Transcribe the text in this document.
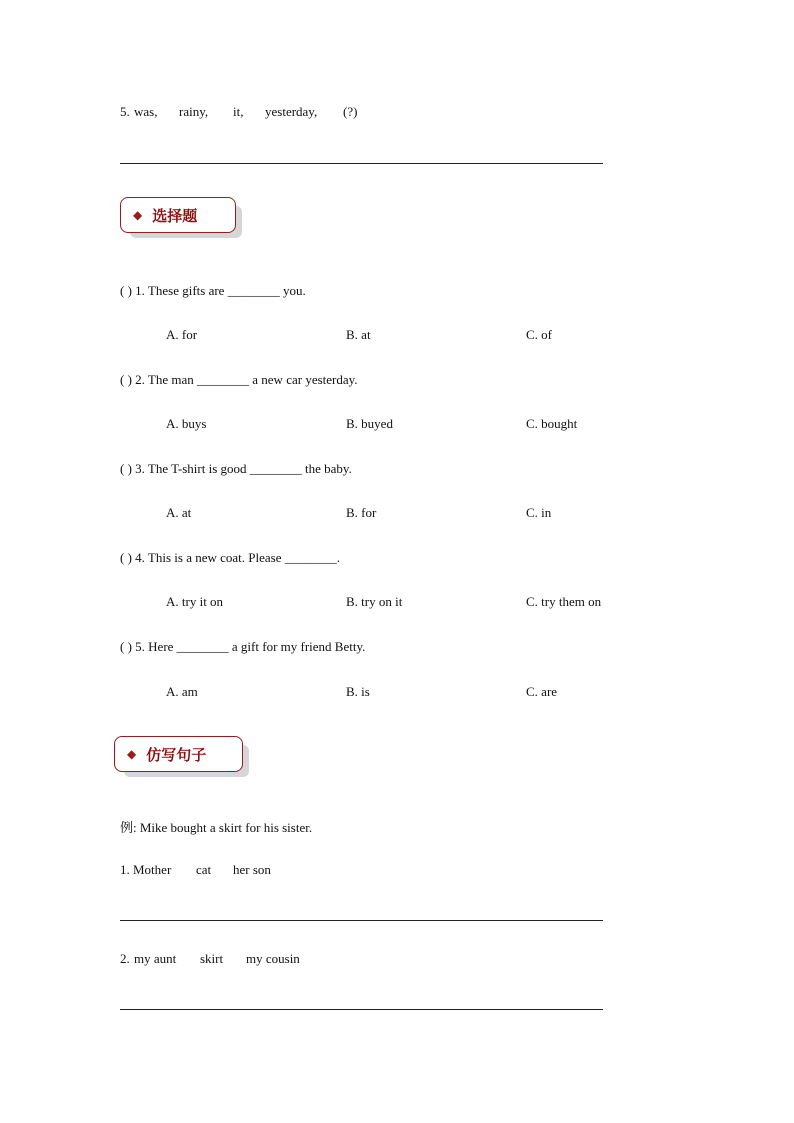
5. was, rainy, it, yesterday, (?)
◆ 选择题
( ) 1. These gifts are ________ you.
A. for	B. at	C. of
( ) 2. The man ________ a new car yesterday.
A. buys	B. buyed	C. bought
( ) 3. The T-shirt is good ________ the baby.
A. at	B. for	C. in
( ) 4. This is a new coat. Please ________.
A. try it on	B. try on it	C. try them on
( ) 5. Here ________ a gift for my friend Betty.
A. am	B. is	C. are
◆ 仿写句子
例: Mike bought a skirt for his sister.
1. Mother cat her son
2. my aunt skirt my cousin
